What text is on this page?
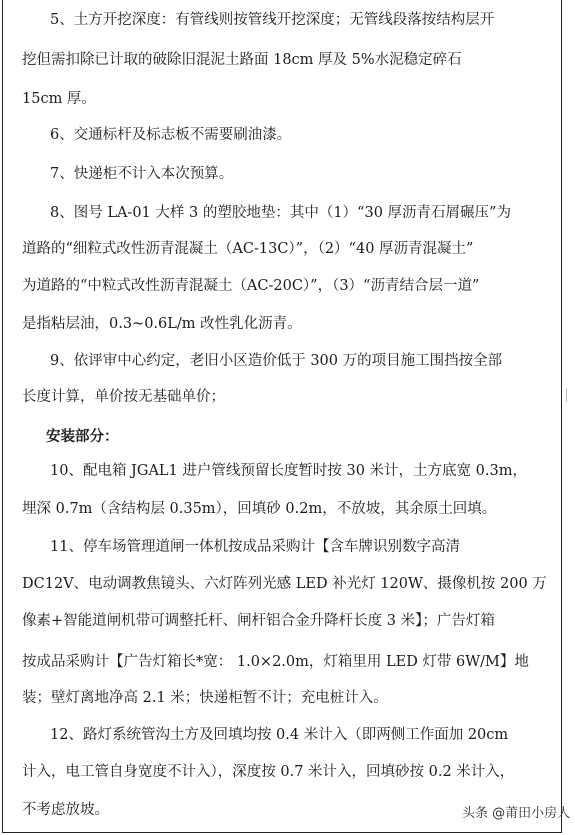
5、土方开挖深度：有管线则按管线开挖深度；无管线段落按结构层开
挖但需扣除已计取的破除旧混泥土路面 18cm 厚及 5%水泥稳定碎石
15cm 厚。
6、交通标杆及标志板不需要刷油漆。
7、快递柜不计入本次预算。
8、图号 LA-01 大样 3 的塑胶地垫：其中（1）“30 厚沥青石屑碾压”为
道路的“细粒式改性沥青混凝土（AC-13C）”，（2）“40 厚沥青混凝土”
为道路的“中粒式改性沥青混凝土（AC-20C）”，（3）“沥青结合层一道”
是指粘层油，0.3~0.6L/m 改性乳化沥青。
9、依评审中心约定，老旧小区造价低于 300 万的项目施工围挡按全部
长度计算，单价按无基础单价；
安装部分：
10、配电箱 JGAL1 进户管线预留长度暂时按 30 米计，土方底宽 0.3m，
埋深 0.7m（含结构层 0.35m），回填砂 0.2m，不放坡，其余原土回填。
11、停车场管理道闸一体机按成品采购计【含车牌识别数字高清
DC12V、电动调教焦镜头、六灯阵列光感 LED 补光灯 120W、摄像机按 200 万
像素+智能道闸机带可调整托杆、闸杆铝合金升降杆长度 3 米】；广告灯箱
按成品采购计【广告灯箱长*宽： 1.0×2.0m，灯箱里用 LED 灯带 6W/M】地
装；壁灯离地净高 2.1 米；快递柜暂不计；充电桩计入。
12、路灯系统管沟土方及回填均按 0.4 米计入（即两侧工作面加 20cm
计入，电工管自身宽度不计入），深度按 0.7 米计入，回填砂按 0.2 米计入，
不考虑放坡。	头条 @莆田小房人
